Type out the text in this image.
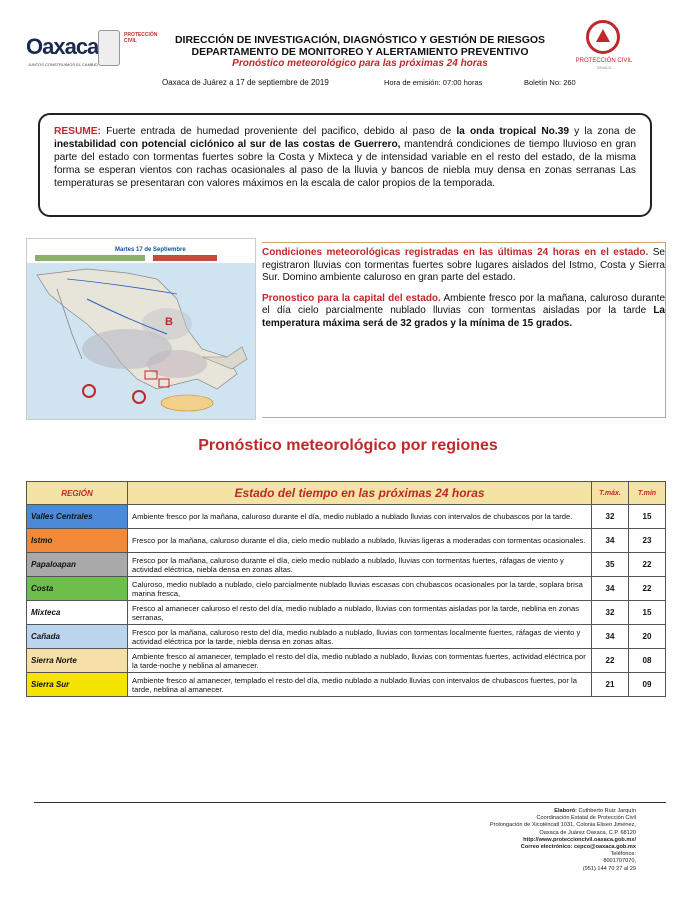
Oaxaca
JUNTOS CONSTRUIMOS EL CAMBIO
PROTECCIÓN CIVIL	DIRECCIÓN DE INVESTIGACIÓN, DIAGNÓSTICO Y GESTIÓN DE RIESGOS
DEPARTAMENTO DE MONITOREO Y ALERTAMIENTO PREVENTIVO
Pronóstico meteorológico para las próximas 24 horas	PROTECCIÓN CIVIL
OAXACA
Oaxaca de Juárez a 17 de septiembre de 2019	Hora de emisión: 07:00 horas	Boletín No: 260
RESUME: Fuerte entrada de humedad proveniente del pacifico, debido al paso de la onda tropical No.39 y la zona de inestabilidad con potencial ciclónico al sur de las costas de Guerrero, mantendrá condiciones de tiempo lluvioso en gran parte del estado con tormentas fuertes sobre la Costa y Mixteca y de intensidad variable en el resto del estado, de la misma forma se esperan vientos con rachas ocasionales al paso de la lluvia y bancos de niebla muy densa en zonas serranas Las temperaturas se presentaran con valores máximos en la escala de calor propios de la temporada.
Martes 17 de Septiembre
B

Condiciones meteorológicas registradas en las últimas 24 horas en el estado. Se registraron lluvias con tormentas fuertes sobre lugares aislados del Istmo, Costa y Sierra Sur. Domino ambiente caluroso en gran parte del estado.

Pronostico para la capital del estado. Ambiente fresco por la mañana, caluroso durante el día cielo parcialmente nublado lluvias con tormentas aisladas por la tarde La temperatura máxima será de 32 grados y la mínima de 15 grados.

Pronóstico meteorológico por regiones
REGIÓN	Estado del tiempo en las próximas 24 horas	T.máx.	T.mín
Valles Centrales	Ambiente fresco por la mañana, caluroso durante el día, medio nublado a nublado lluvias con intervalos de chubascos por la tarde.	32	15
Istmo	Fresco por la mañana, caluroso durante el día, cielo medio nublado a nublado, lluvias ligeras a moderadas con tormentas ocasionales.	34	23
Papaloapan	Fresco por la mañana, caluroso durante el día, cielo medio nublado a nublado, lluvias con tormentas fuertes, ráfagas de viento y actividad eléctrica, niebla densa en zonas altas.	35	22
Costa	Caluroso, medio nublado a nublado, cielo parcialmente nublado lluvias escasas con chubascos ocasionales por la tarde, soplara brisa marina fresca,	34	22
Mixteca	Fresco al amanecer caluroso el resto del día, medio nublado a nublado, lluvias con tormentas aisladas por la tarde, neblina en zonas serranas,	32	15
Cañada	Fresco por la mañana, caluroso resto del día, medio nublado a nublado, lluvias con tormentas localmente fuertes, ráfagas de viento y actividad eléctrica por la tarde, niebla densa en zonas altas.	34	20
Sierra Norte	Ambiente fresco al amanecer, templado el resto del día, medio nublado a nublado, lluvias con tormentas fuertes, actividad eléctrica por la tarde-noche y neblina al amanecer.	22	08
Sierra Sur	Ambiente fresco al amanecer, templado el resto del día, medio nublado a nublado lluvias con intervalos de chubascos fuertes, por la tarde, neblina al amanecer.	21	09
Elaboró: Cuthberto Ruiz Jarquín
Coordinación Estatal de Protección Civil
Prolongación de Xicoténcatl 1031, Colonia Eliseo Jiménez,
Oaxaca de Juárez Oaxaca, C.P. 68120
http://www.proteccioncivil.oaxaca.gob.mx/
Correo electrónico: cepco@oaxaca.gob.mx
Teléfonos:
8001707070,
(951) 144 70 27 al 29
